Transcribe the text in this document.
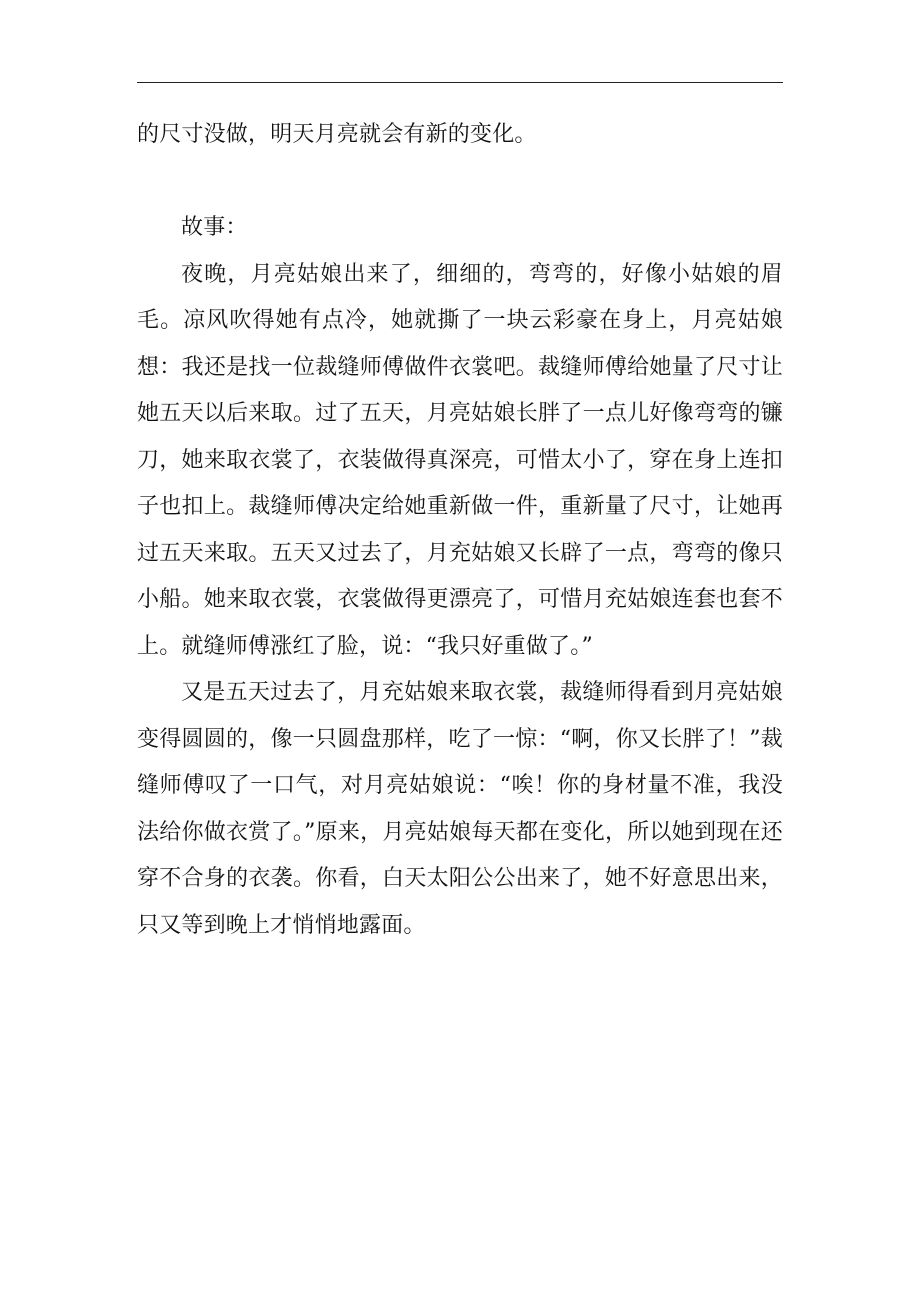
的尺寸没做，明天月亮就会有新的变化。

故事：

夜晚，月亮姑娘出来了，细细的，弯弯的，好像小姑娘的眉毛。凉风吹得她有点冷，她就撕了一块云彩豪在身上，月亮姑娘想：我还是找一位裁缝师傅做件衣裳吧。裁缝师傅给她量了尺寸让她五天以后来取。过了五天，月亮姑娘长胖了一点儿好像弯弯的镰刀，她来取衣裳了，衣装做得真深亮，可惜太小了，穿在身上连扣子也扣上。裁缝师傅决定给她重新做一件，重新量了尺寸，让她再过五天来取。五天又过去了，月充姑娘又长辟了一点，弯弯的像只小船。她来取衣裳，衣裳做得更漂亮了，可惜月充姑娘连套也套不上。就缝师傅涨红了脸，说：“我只好重做了。”

又是五天过去了，月充姑娘来取衣裳，裁缝师得看到月亮姑娘变得圆圆的，像一只圆盘那样，吃了一惊：“啊，你又长胖了！”裁缝师傅叹了一口气，对月亮姑娘说：“唉！你的身材量不准，我没法给你做衣赏了。”原来，月亮姑娘每天都在变化，所以她到现在还穿不合身的衣袭。你看，白天太阳公公出来了，她不好意思出来，只又等到晚上才悄悄地露面。
